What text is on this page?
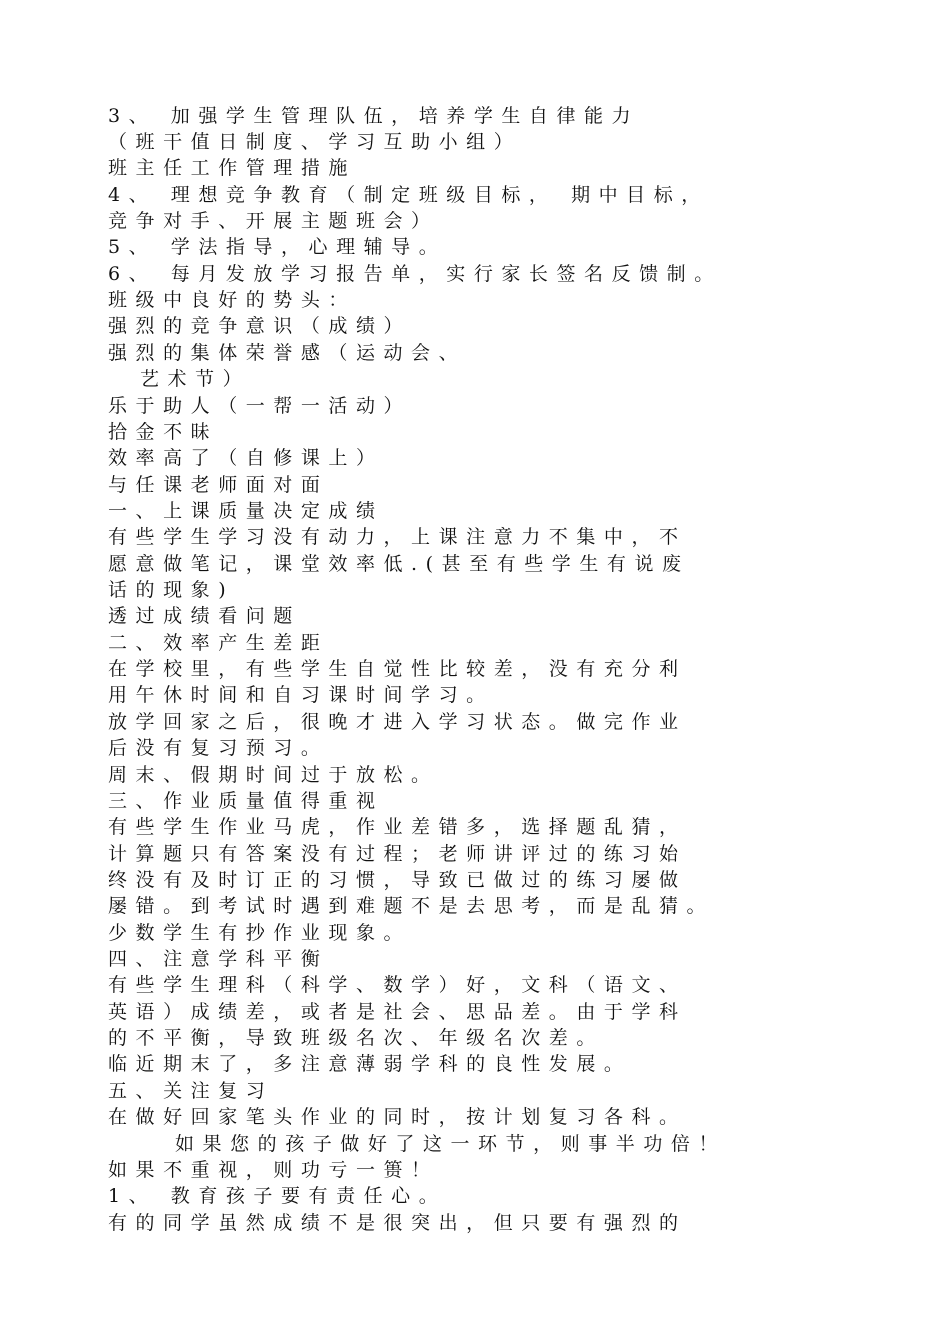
3、 加强学生管理队伍，培养学生自律能力
（班干值日制度、学习互助小组）
班主任工作管理措施
4、 理想竞争教育（制定班级目标， 期中目标，
竞争对手、开展主题班会）
5、 学法指导，心理辅导。
6、 每月发放学习报告单，实行家长签名反馈制。
班级中良好的势头：
强烈的竞争意识（成绩）
强烈的集体荣誉感（运动会、
艺术节）
乐于助人（一帮一活动）
拾金不昧
效率高了（自修课上）
与任课老师面对面
一、上课质量决定成绩
有些学生学习没有动力，上课注意力不集中，不
愿意做笔记，课堂效率低.(甚至有些学生有说废
话的现象)
透过成绩看问题
二、效率产生差距
在学校里，有些学生自觉性比较差，没有充分利
用午休时间和自习课时间学习。
放学回家之后，很晚才进入学习状态。做完作业
后没有复习预习。
周末、假期时间过于放松。
三、作业质量值得重视
有些学生作业马虎，作业差错多，选择题乱猜，
计算题只有答案没有过程；老师讲评过的练习始
终没有及时订正的习惯，导致已做过的练习屡做
屡错。到考试时遇到难题不是去思考，而是乱猜。
少数学生有抄作业现象。
四、注意学科平衡
有些学生理科（科学、数学）好，文科（语文、
英语）成绩差，或者是社会、思品差。由于学科
的不平衡，导致班级名次、年级名次差。
临近期末了，多注意薄弱学科的良性发展。
五、关注复习
在做好回家笔头作业的同时，按计划复习各科。
如果您的孩子做好了这一环节，则事半功倍！
如果不重视，则功亏一篑！
1、 教育孩子要有责任心。
有的同学虽然成绩不是很突出，但只要有强烈的
